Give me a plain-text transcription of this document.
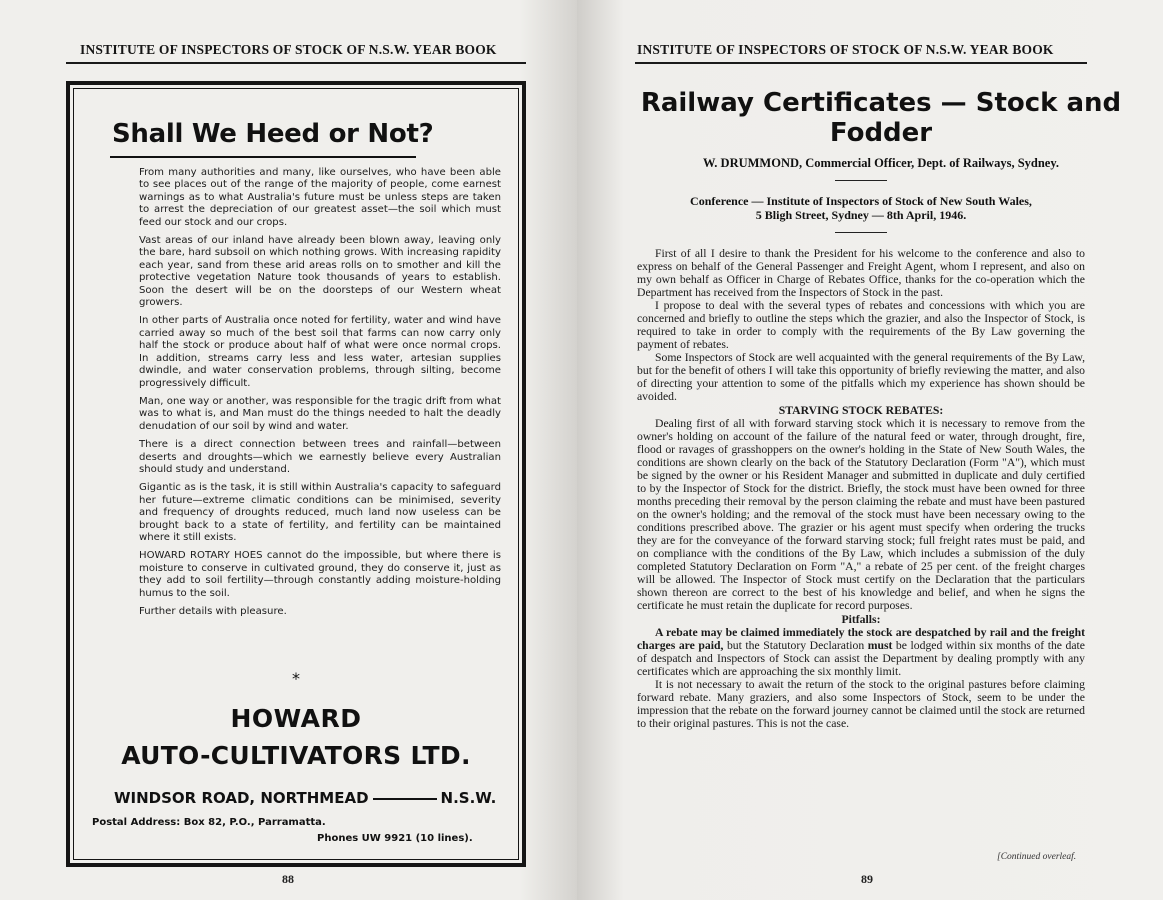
INSTITUTE OF INSPECTORS OF STOCK OF N.S.W. YEAR BOOK
Shall We Heed or Not?

From many authorities and many, like ourselves, who have been able to see places out of the range of the majority of people, come earnest warnings as to what Australia's future must be unless steps are taken to arrest the depreciation of our greatest asset—the soil which must feed our stock and our crops.

Vast areas of our inland have already been blown away, leaving only the bare, hard subsoil on which nothing grows. With increasing rapidity each year, sand from these arid areas rolls on to smother and kill the protective vegetation Nature took thousands of years to establish. Soon the desert will be on the doorsteps of our Western wheat growers.

In other parts of Australia once noted for fertility, water and wind have carried away so much of the best soil that farms can now carry only half the stock or produce about half of what were once normal crops. In addition, streams carry less and less water, artesian supplies dwindle, and water conservation problems, through silting, become progressively difficult.

Man, one way or another, was responsible for the tragic drift from what was to what is, and Man must do the things needed to halt the deadly denudation of our soil by wind and water.

There is a direct connection between trees and rainfall—between deserts and droughts—which we earnestly believe every Australian should study and understand.

Gigantic as is the task, it is still within Australia's capacity to safeguard her future—extreme climatic conditions can be minimised, severity and frequency of droughts reduced, much land now useless can be brought back to a state of fertility, and fertility can be maintained where it still exists.

HOWARD ROTARY HOES cannot do the impossible, but where there is moisture to conserve in cultivated ground, they do conserve it, just as they add to soil fertility—through constantly adding moisture-holding humus to the soil.

Further details with pleasure.

*
HOWARD
AUTO-CULTIVATORS LTD.
WINDSOR ROAD, NORTHMEAD	N.S.W.
Postal Address: Box 82, P.O., Parramatta.
Phones UW 9921 (10 lines).
88
INSTITUTE OF INSPECTORS OF STOCK OF N.S.W. YEAR BOOK
Railway Certificates — Stock and Fodder
W. DRUMMOND, Commercial Officer, Dept. of Railways, Sydney.
Conference — Institute of Inspectors of Stock of New South Wales,
5 Bligh Street, Sydney — 8th April, 1946.

First of all I desire to thank the President for his welcome to the conference and also to express on behalf of the General Passenger and Freight Agent, whom I represent, and also on my own behalf as Officer in Charge of Rebates Office, thanks for the co-operation which the Department has received from the Inspectors of Stock in the past.

I propose to deal with the several types of rebates and concessions with which you are concerned and briefly to outline the steps which the grazier, and also the Inspector of Stock, is required to take in order to comply with the requirements of the By Law governing the payment of rebates.

Some Inspectors of Stock are well acquainted with the general requirements of the By Law, but for the benefit of others I will take this opportunity of briefly reviewing the matter, and also of directing your attention to some of the pitfalls which my experience has shown should be avoided.

STARVING STOCK REBATES:

Dealing first of all with forward starving stock which it is necessary to remove from the owner's holding on account of the failure of the natural feed or water, through drought, fire, flood or ravages of grasshoppers on the owner's holding in the State of New South Wales, the conditions are shown clearly on the back of the Statutory Declaration (Form "A"), which must be signed by the owner or his Resident Manager and submitted in duplicate and duly certified to by the Inspector of Stock for the district. Briefly, the stock must have been owned for three months preceding their removal by the person claiming the rebate and must have been pastured on the owner's holding; and the removal of the stock must have been necessary owing to the conditions prescribed above. The grazier or his agent must specify when ordering the trucks they are for the conveyance of the forward starving stock; full freight rates must be paid, and on compliance with the conditions of the By Law, which includes a submission of the duly completed Statutory Declaration on Form "A," a rebate of 25 per cent. of the freight charges will be allowed. The Inspector of Stock must certify on the Declaration that the particulars shown thereon are correct to the best of his knowledge and belief, and when he signs the certificate he must retain the duplicate for record purposes.

Pitfalls:

A rebate may be claimed immediately the stock are despatched by rail and the freight charges are paid, but the Statutory Declaration must be lodged within six months of the date of despatch and Inspectors of Stock can assist the Department by dealing promptly with any certificates which are approaching the six monthly limit.

It is not necessary to await the return of the stock to the original pastures before claiming forward rebate. Many graziers, and also some Inspectors of Stock, seem to be under the impression that the rebate on the forward journey cannot be claimed until the stock are returned to their original pastures. This is not the case.

[Continued overleaf.
89
